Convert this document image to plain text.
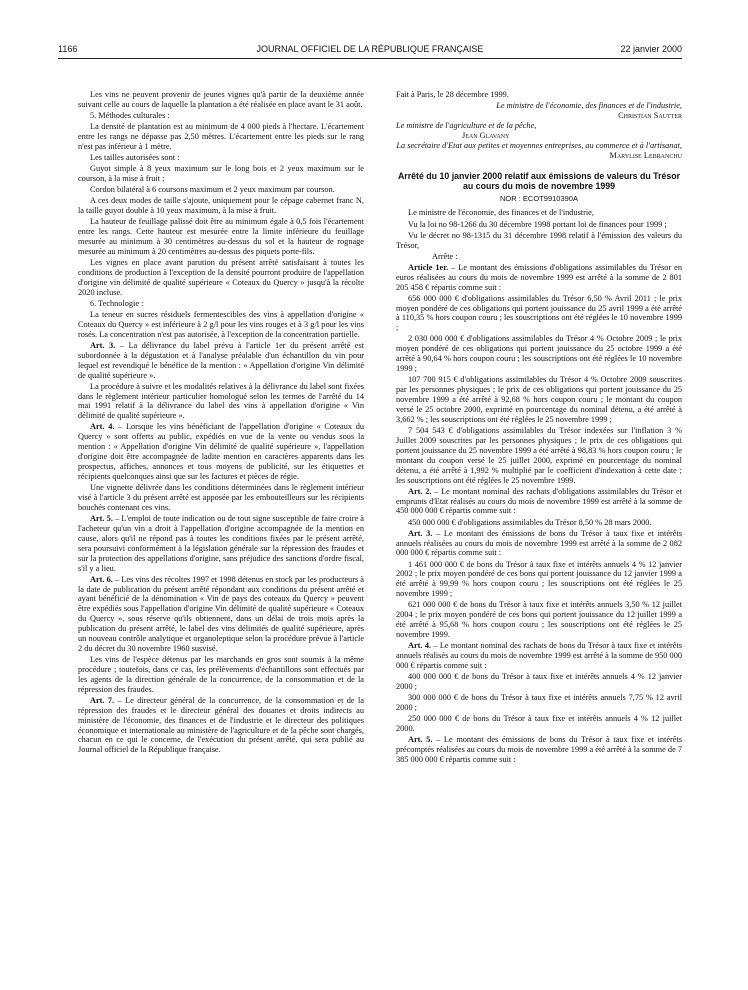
1166	JOURNAL OFFICIEL DE LA RÉPUBLIQUE FRANÇAISE	22 janvier 2000

Les vins ne peuvent provenir de jeunes vignes qu'à partir de la deuxième année suivant celle au cours de laquelle la plantation a été réalisée en place avant le 31 août.

5. Méthodes culturales :

La densité de plantation est au minimum de 4 000 pieds à l'hectare. L'écartement entre les rangs ne dépasse pas 2,50 mètres. L'écartement entre les pieds sur le rang n'est pas inférieur à 1 mètre.

Les tailles autorisées sont :

Guyot simple à 8 yeux maximum sur le long bois et 2 yeux maximum sur le courson, à la mise à fruit ;

Cordon bilatéral à 6 coursons maximum et 2 yeux maximum par courson.

A ces deux modes de taille s'ajoute, uniquement pour le cépage cabernet franc N, la taille guyot double à 10 yeux maximum, à la mise à fruit.

La hauteur de feuillage palissé doit être au minimum égale à 0,5 fois l'écartement entre les rangs. Cette hauteur est mesurée entre la limite inférieure du feuillage mesurée au minimum à 30 centimètres au-dessus du sol et la hauteur de rognage mesurée au minimum à 20 centimètres au-dessus des piquets porte-fils.

Les vignes en place avant parution du présent arrêté satisfaisant à toutes les conditions de production à l'exception de la densité pourront produire de l'appellation d'origine vin délimité de qualité supérieure « Coteaux du Quercy » jusqu'à la récolte 2020 incluse.

6. Technologie :

La teneur en sucres résiduels fermentescibles des vins à appellation d'origine « Coteaux du Quercy » est inférieure à 2 g/l pour les vins rouges et à 3 g/l pour les vins rosés. La concentration n'est pas autorisée, à l'exception de la concentration partielle.

Art. 3. – La délivrance du label prévu à l'article 1er du présent arrêté est subordonnée à la dégustation et à l'analyse préalable d'un échantillon du vin pour lequel est revendiqué le bénéfice de la mention : « Appellation d'origine Vin délimité de qualité supérieure ».

La procédure à suivre et les modalités relatives à la délivrance du label sont fixées dans le règlement intérieur particulier homologué selon les termes de l'arrêté du 14 mai 1991 relatif à la délivrance du label des vins à appellation d'origine « Vin délimité de qualité supérieure ».

Art. 4. – Lorsque les vins bénéficiant de l'appellation d'origine « Coteaux du Quercy » sont offerts au public, expédiés en vue de la vente ou vendus sous la mention : « Appellation d'origine Vin délimité de qualité supérieure », l'appellation d'origine doit être accompagnée de ladite mention en caractères apparents dans les prospectus, affiches, annonces et tous moyens de publicité, sur les étiquettes et récipients quelconques ainsi que sur les factures et pièces de régie.

Une vignette délivrée dans les conditions déterminées dans le règlement intérieur visé à l'article 3 du présent arrêté est apposée par les embouteilleurs sur les récipients bouchés contenant ces vins.

Art. 5. – L'emploi de toute indication ou de tout signe susceptible de faire croire à l'acheteur qu'un vin a droit à l'appellation d'origine accompagnée de la mention en cause, alors qu'il ne répond pas à toutes les conditions fixées par le présent arrêté, sera poursuivi conformément à la législation générale sur la répression des fraudes et sur la protection des appellations d'origine, sans préjudice des sanctions d'ordre fiscal, s'il y a lieu.

Art. 6. – Les vins des récoltes 1997 et 1998 détenus en stock par les producteurs à la date de publication du présent arrêté répondant aux conditions du présent arrêté et ayant bénéficié de la dénomination « Vin de pays des coteaux du Quercy » peuvent être expédiés sous l'appellation d'origine Vin délimité de qualité supérieure « Coteaux du Quercy », sous réserve qu'ils obtiennent, dans un délai de trois mois après la publication du présent arrêté, le label des vins délimités de qualité supérieure, après un nouveau contrôle analytique et organoleptique selon la procédure prévue à l'article 2 du décret du 30 novembre 1960 susvisé.

Les vins de l'espèce détenus par les marchands en gros sont soumis à la même procédure ; toutefois, dans ce cas, les prélèvements d'échantillons sont effectués par les agents de la direction générale de la concurrence, de la consommation et de la répression des fraudes.

Art. 7. – Le directeur général de la concurrence, de la consommation et de la répression des fraudes et le directeur général des douanes et droits indirects au ministère de l'économie, des finances et de l'industrie et le directeur des politiques économique et internationale au ministère de l'agriculture et de la pêche sont chargés, chacun en ce qui le concerne, de l'exécution du présent arrêté, qui sera publié au Journal officiel de la République française.

Fait à Paris, le 28 décembre 1999.

Le ministre de l'économie, des finances et de l'industrie,
Christian Sautter
Le ministre de l'agriculture et de la pêche,
Jean Glavany
La secrétaire d'Etat aux petites et moyennes entreprises, au commerce et à l'artisanat,
Marylise Lebranchu
Arrêté du 10 janvier 2000 relatif aux émissions de valeurs du Trésor au cours du mois de novembre 1999
NOR : ECOT9910390A

Le ministre de l'économie, des finances et de l'industrie,

Vu la loi no 98-1266 du 30 décembre 1998 portant loi de finances pour 1999 ;

Vu le décret no 98-1315 du 31 décembre 1998 relatif à l'émission des valeurs du Trésor,

Arrête :

Article 1er. – Le montant des émissions d'obligations assimilables du Trésor en euros réalisées au cours du mois de novembre 1999 est arrêté à la somme de 2 801 205 458 € répartis comme suit :

656 000 000 € d'obligations assimilables du Trésor 6,50 % Avril 2011 ; le prix moyen pondéré de ces obligations qui portent jouissance du 25 avril 1999 a été arrêté à 110,35 % hors coupon couru ; les souscriptions ont été réglées le 10 novembre 1999 ;

2 030 000 000 € d'obligations assimilables du Trésor 4 % Octobre 2009 ; le prix moyen pondéré de ces obligations qui portent jouissance du 25 octobre 1999 a été arrêté à 90,64 % hors coupon couru ; les souscriptions ont été réglées le 10 novembre 1999 ;

107 700 915 € d'obligations assimilables du Trésor 4 % Octobre 2009 souscrites par les personnes physiques ; le prix de ces obligations qui portent jouissance du 25 novembre 1999 a été arrêté à 92,68 % hors coupon couru ; le montant du coupon versé le 25 octobre 2000, exprimé en pourcentage du nominal détenu, a été arrêté à 3,662 % ; les souscriptions ont été réglées le 25 novembre 1999 ;

7 504 543 € d'obligations assimilables du Trésor indexées sur l'inflation 3 % Juillet 2009 souscrites par les personnes physiques ; le prix de ces obligations qui portent jouissance du 25 novembre 1999 a été arrêté à 98,83 % hors coupon couru ; le montant du coupon versé le 25 juillet 2000, exprimé en pourcentage du nominal détenu, a été arrêté à 1,992 % multiplié par le coefficient d'indexation à cette date ; les souscriptions ont été réglées le 25 novembre 1999.

Art. 2. – Le montant nominal des rachats d'obligations assimilables du Trésor et emprunts d'Etat réalisés au cours du mois de novembre 1999 est arrêté à la somme de 450 000 000 € répartis comme suit :

450 000 000 € d'obligations assimilables du Trésor 8,50 % 28 mars 2000.

Art. 3. – Le montant des émissions de bons du Trésor à taux fixe et intérêts annuels réalisées au cours du mois de novembre 1999 est arrêté à la somme de 2 082 000 000 € répartis comme suit :

1 461 000 000 € de bons du Trésor à taux fixe et intérêts annuels 4 % 12 janvier 2002 ; le prix moyen pondéré de ces bons qui portent jouissance du 12 janvier 1999 a été arrêté à 99,99 % hors coupon couru ; les souscriptions ont été réglées le 25 novembre 1999 ;

621 000 000 € de bons du Trésor à taux fixe et intérêts annuels 3,50 % 12 juillet 2004 ; le prix moyen pondéré de ces bons qui portent jouissance du 12 juillet 1999 a été arrêté à 95,68 % hors coupon couru ; les souscriptions ont été réglées le 25 novembre 1999.

Art. 4. – Le montant nominal des rachats de bons du Trésor à taux fixe et intérêts annuels réalisés au cours du mois de novembre 1999 est arrêté à la somme de 950 000 000 € répartis comme suit :

400 000 000 € de bons du Trésor à taux fixe et intérêts annuels 4 % 12 janvier 2000 ;

300 000 000 € de bons du Trésor à taux fixe et intérêts annuels 7,75 % 12 avril 2000 ;

250 000 000 € de bons du Trésor à taux fixe et intérêts annuels 4 % 12 juillet 2000.

Art. 5. – Le montant des émissions de bons du Trésor à taux fixe et intérêts précomptés réalisées au cours du mois de novembre 1999 a été arrêté à la somme de 7 385 000 000 € répartis comme suit :
